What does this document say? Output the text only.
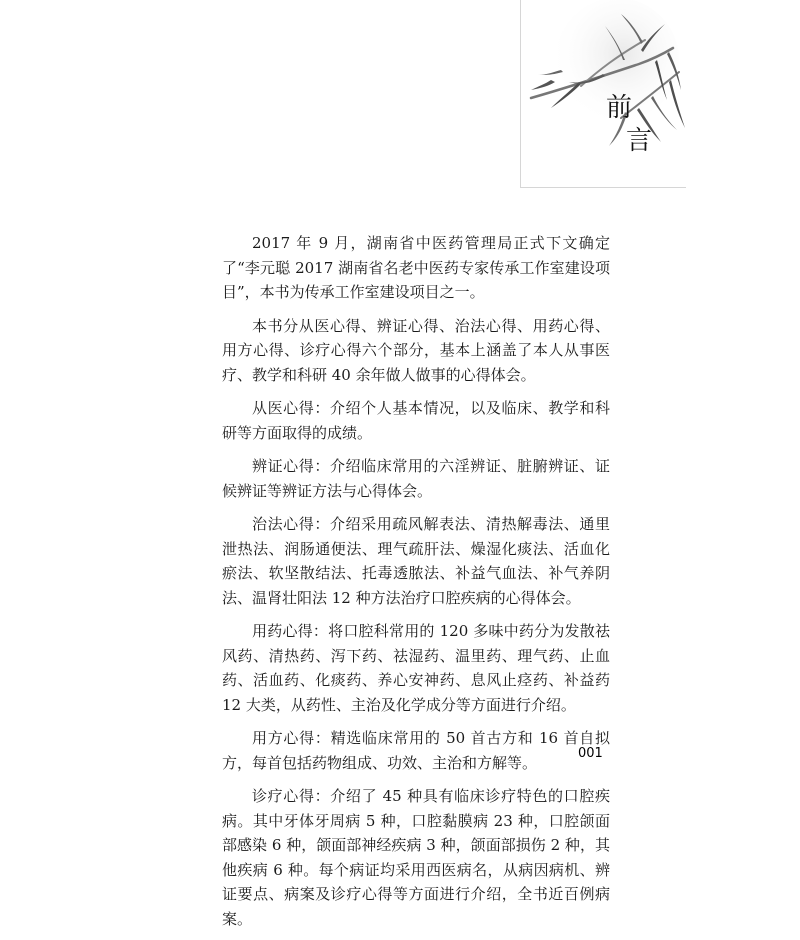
前
言

2017 年 9 月，湖南省中医药管理局正式下文确定了“李元聪 2017 湖南省名老中医药专家传承工作室建设项目”，本书为传承工作室建设项目之一。

本书分从医心得、辨证心得、治法心得、用药心得、用方心得、诊疗心得六个部分，基本上涵盖了本人从事医疗、教学和科研 40 余年做人做事的心得体会。

从医心得：介绍个人基本情况，以及临床、教学和科研等方面取得的成绩。

辨证心得：介绍临床常用的六淫辨证、脏腑辨证、证候辨证等辨证方法与心得体会。

治法心得：介绍采用疏风解表法、清热解毒法、通里泄热法、润肠通便法、理气疏肝法、燥湿化痰法、活血化瘀法、软坚散结法、托毒透脓法、补益气血法、补气养阴法、温肾壮阳法 12 种方法治疗口腔疾病的心得体会。

用药心得：将口腔科常用的 120 多味中药分为发散祛风药、清热药、泻下药、祛湿药、温里药、理气药、止血药、活血药、化痰药、养心安神药、息风止痉药、补益药 12 大类，从药性、主治及化学成分等方面进行介绍。

用方心得：精选临床常用的 50 首古方和 16 首自拟方，每首包括药物组成、功效、主治和方解等。

诊疗心得：介绍了 45 种具有临床诊疗特色的口腔疾病。其中牙体牙周病 5 种，口腔黏膜病 23 种，口腔颌面部感染 6 种，颌面部神经疾病 3 种，颌面部损伤 2 种，其他疾病 6 种。每个病证均采用西医病名，从病因病机、辨证要点、病案及诊疗心得等方面进行介绍，全书近百例病案。

001
